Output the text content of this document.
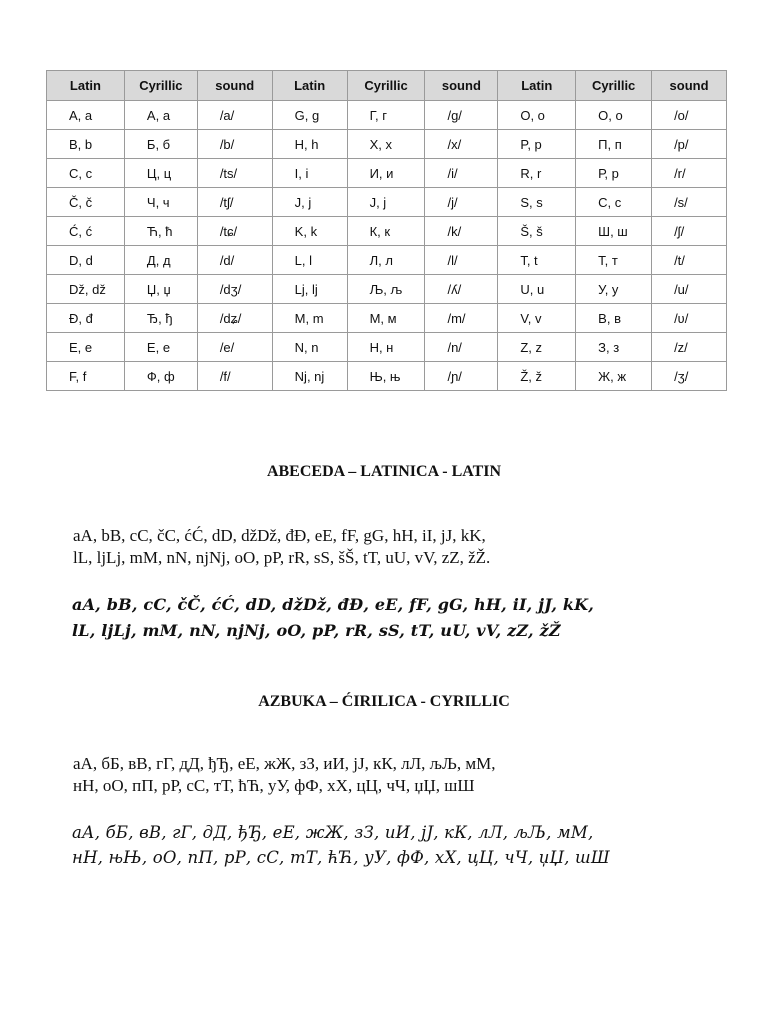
Latin	Cyrillic	sound	Latin	Cyrillic	sound	Latin	Cyrillic	sound
A, a	А, а	/a/	G, g	Г, г	/g/	O, o	О, о	/o/
B, b	Б, б	/b/	H, h	Х, х	/x/	P, p	П, п	/p/
C, c	Ц, ц	/ts/	I, i	И, и	/i/	R, r	Р, р	/r/
Č, č	Ч, ч	/tʃ/	J, j	Ј, ј	/j/	S, s	С, с	/s/
Ć, ć	Ћ, ћ	/tɕ/	K, k	К, к	/k/	Š, š	Ш, ш	/ʃ/
D, d	Д, д	/d/	L, l	Л, л	/l/	T, t	Т, т	/t/
Dž, dž	Џ, џ	/dʒ/	Lj, lj	Љ, љ	/ʎ/	U, u	У, у	/u/
Đ, đ	Ђ, ђ	/dʑ/	M, m	М, м	/m/	V, v	В, в	/ʋ/
E, e	Е, е	/e/	N, n	Н, н	/n/	Z, z	З, з	/z/
F, f	Ф, ф	/f/	Nj, nj	Њ, њ	/ɲ/	Ž, ž	Ж, ж	/ʒ/
ABECEDA – LATINICA - LATIN
aA, bB, cC, čC, ćĆ, dD, džDž, đĐ, eE, fF, gG, hH, iI, jJ, kK,
lL, ljLj, mM, nN, njNj, oO, pP, rR, sS, šŠ, tT, uU, vV, zZ, žŽ.
aA, bB, cC, čČ, ćĆ, dD, džDž, đĐ, eE, fF, gG, hH, iI, jJ, kK,
lL, ljLj, mM, nN, njNj, oO, pP, rR, sS, tT, uU, vV, zZ, žŽ
AZBUKA – ĆIRILICA - CYRILLIC
аА, бБ, вВ, гГ, дД, ђЂ, еЕ, жЖ, зЗ, иИ, јЈ, кК, лЛ, љЉ, мМ,
нН, оО, пП, рР, сС, тТ, ћЋ, уУ, фФ, хХ, цЦ, чЧ, џЏ, шШ
аА, бБ, вВ, гГ, дД, ђЂ, еЕ, жЖ, зЗ, иИ, јЈ, кК, лЛ, љЉ, мМ,
нН, њЊ, оО, пП, рР, сС, тТ, ћЋ, уУ, фФ, хХ, цЦ, чЧ, џЏ, шШ
